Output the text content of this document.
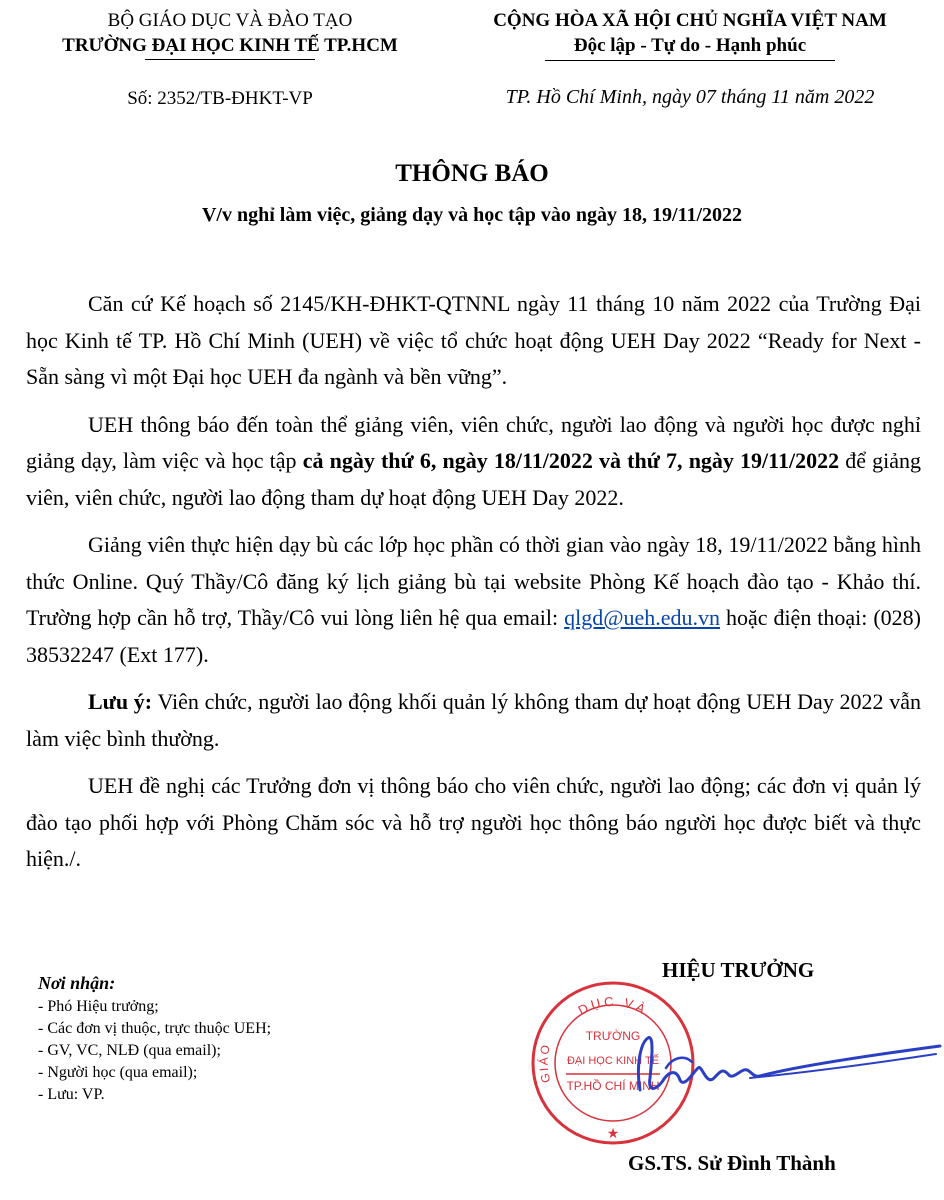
BỘ GIÁO DỤC VÀ ĐÀO TẠO
TRƯỜNG ĐẠI HỌC KINH TẾ TP.HCM
CỘNG HÒA XÃ HỘI CHỦ NGHĨA VIỆT NAM
Độc lập - Tự do - Hạnh phúc
Số: 2352/TB-ĐHKT-VP	TP. Hồ Chí Minh, ngày 07 tháng 11 năm 2022
THÔNG BÁO
V/v nghỉ làm việc, giảng dạy và học tập vào ngày 18, 19/11/2022

Căn cứ Kế hoạch số 2145/KH-ĐHKT-QTNNL ngày 11 tháng 10 năm 2022 của Trường Đại học Kinh tế TP. Hồ Chí Minh (UEH) về việc tổ chức hoạt động UEH Day 2022 “Ready for Next - Sẵn sàng vì một Đại học UEH đa ngành và bền vững”.

UEH thông báo đến toàn thể giảng viên, viên chức, người lao động và người học được nghỉ giảng dạy, làm việc và học tập cả ngày thứ 6, ngày 18/11/2022 và thứ 7, ngày 19/11/2022 để giảng viên, viên chức, người lao động tham dự hoạt động UEH Day 2022.

Giảng viên thực hiện dạy bù các lớp học phần có thời gian vào ngày 18, 19/11/2022 bằng hình thức Online. Quý Thầy/Cô đăng ký lịch giảng bù tại website Phòng Kế hoạch đào tạo - Khảo thí. Trường hợp cần hỗ trợ, Thầy/Cô vui lòng liên hệ qua email: qlgd@ueh.edu.vn hoặc điện thoại: (028) 38532247 (Ext 177).

Lưu ý: Viên chức, người lao động khối quản lý không tham dự hoạt động UEH Day 2022 vẫn làm việc bình thường.

UEH đề nghị các Trưởng đơn vị thông báo cho viên chức, người lao động; các đơn vị quản lý đào tạo phối hợp với Phòng Chăm sóc và hỗ trợ người học thông báo người học được biết và thực hiện./.

Nơi nhận:
- Phó Hiệu trưởng;
- Các đơn vị thuộc, trực thuộc UEH;
- GV, VC, NLĐ (qua email);
- Người học (qua email);
- Lưu: VP.
HIỆU TRƯỞNG
DỤC VÀ
GIÁO
TRƯỜNG
ĐẠI HỌC KINH TẾ
TP.HỒ CHÍ MINH
★
GS.TS. Sử Đình Thành
